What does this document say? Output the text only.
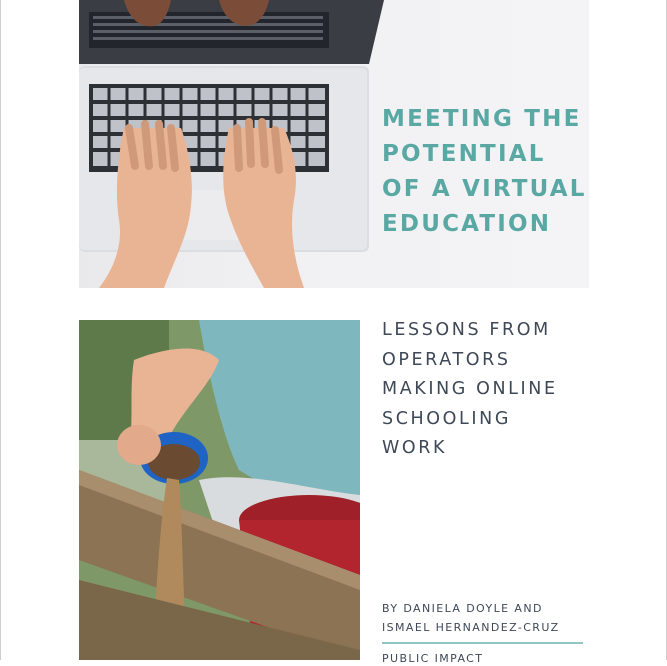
MEETING THE
POTENTIAL
OF A VIRTUAL
EDUCATION
LESSONS FROM
OPERATORS
MAKING ONLINE
SCHOOLING
WORK
BY DANIELA DOYLE AND
ISMAEL HERNANDEZ-CRUZ
PUBLIC IMPACT
